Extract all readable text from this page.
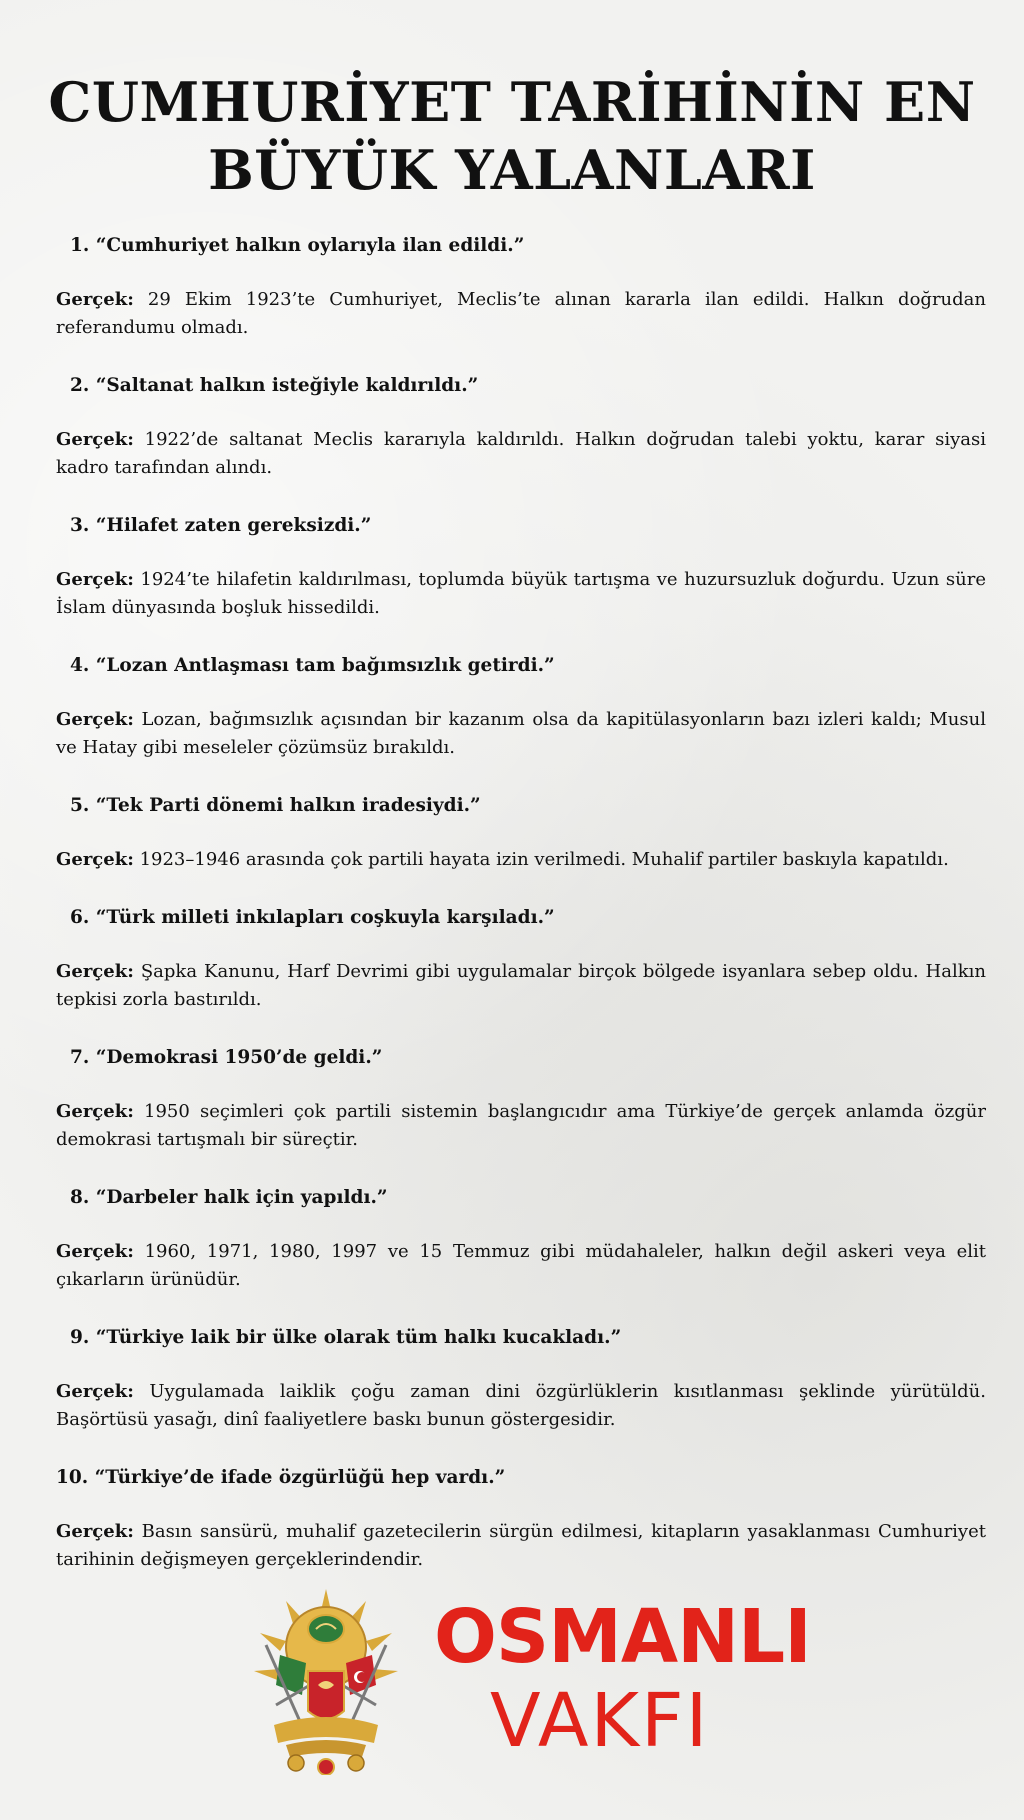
CUMHURİYET TARİHİNİN EN BÜYÜK YALANLARI

1. “Cumhuriyet halkın oylarıyla ilan edildi.”

Gerçek: 29 Ekim 1923’te Cumhuriyet, Meclis’te alınan kararla ilan edildi. Halkın doğrudan referandumu olmadı.

2. “Saltanat halkın isteğiyle kaldırıldı.”

Gerçek: 1922’de saltanat Meclis kararıyla kaldırıldı. Halkın doğrudan talebi yoktu, karar siyasi kadro tarafından alındı.

3. “Hilafet zaten gereksizdi.”

Gerçek: 1924’te hilafetin kaldırılması, toplumda büyük tartışma ve huzursuzluk doğurdu. Uzun süre İslam dünyasında boşluk hissedildi.

4. “Lozan Antlaşması tam bağımsızlık getirdi.”

Gerçek: Lozan, bağımsızlık açısından bir kazanım olsa da kapitülasyonların bazı izleri kaldı; Musul ve Hatay gibi meseleler çözümsüz bırakıldı.

5. “Tek Parti dönemi halkın iradesiydi.”

Gerçek: 1923–1946 arasında çok partili hayata izin verilmedi. Muhalif partiler baskıyla kapatıldı.

6. “Türk milleti inkılapları coşkuyla karşıladı.”

Gerçek: Şapka Kanunu, Harf Devrimi gibi uygulamalar birçok bölgede isyanlara sebep oldu. Halkın tepkisi zorla bastırıldı.

7. “Demokrasi 1950’de geldi.”

Gerçek: 1950 seçimleri çok partili sistemin başlangıcıdır ama Türkiye’de gerçek anlamda özgür demokrasi tartışmalı bir süreçtir.

8. “Darbeler halk için yapıldı.”

Gerçek: 1960, 1971, 1980, 1997 ve 15 Temmuz gibi müdahaleler, halkın değil askeri veya elit çıkarların ürünüdür.

9. “Türkiye laik bir ülke olarak tüm halkı kucakladı.”

Gerçek: Uygulamada laiklik çoğu zaman dini özgürlüklerin kısıtlanması şeklinde yürütüldü. Başörtüsü yasağı, dinî faaliyetlere baskı bunun göstergesidir.

10. “Türkiye’de ifade özgürlüğü hep vardı.”

Gerçek: Basın sansürü, muhalif gazetecilerin sürgün edilmesi, kitapların yasaklanması Cumhuriyet tarihinin değişmeyen gerçeklerindendir.

OSMANLI

VAKFI
